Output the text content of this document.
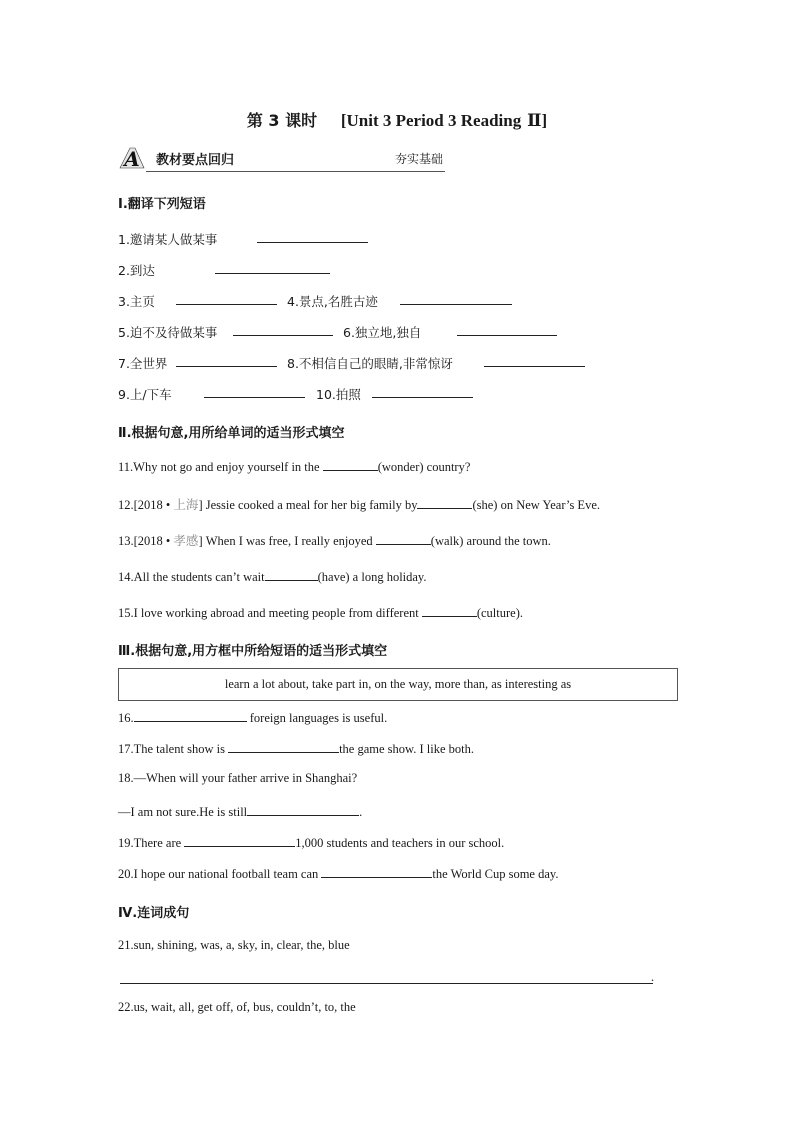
第 3 课时 [Unit 3 Period 3 Reading Ⅱ]
A 教材要点回归	夯实基础
Ⅰ.翻译下列短语
1.邀请某人做某事
2.到达
3.主页	4.景点,名胜古迹
5.迫不及待做某事	6.独立地,独自
7.全世界	8.不相信自己的眼睛,非常惊讶
9.上/下车	10.拍照
Ⅱ.根据句意,用所给单词的适当形式填空
11.Why not go and enjoy yourself in the	(wonder) country?
12.[2018 • 上海] Jessie cooked a meal for her big family by	(she) on New Year’s Eve.
13.[2018 • 孝感] When I was free, I really enjoyed	(walk) around the town.
14.All the students can’t wait	(have) a long holiday.
15.I love working abroad and meeting people from different	(culture).
Ⅲ.根据句意,用方框中所给短语的适当形式填空
learn a lot about, take part in, on the way, more than, as interesting as
16.	foreign languages is useful.
17.The talent show is	the game show. I like both.
18.—When will your father arrive in Shanghai?
—I am not sure.He is still	.
19.There are	1,000 students and teachers in our school.
20.I hope our national football team can	the World Cup some day.
Ⅳ.连词成句
21.sun, shining, was, a, sky, in, clear, the, blue
.
22.us, wait, all, get off, of, bus, couldn’t, to, the
